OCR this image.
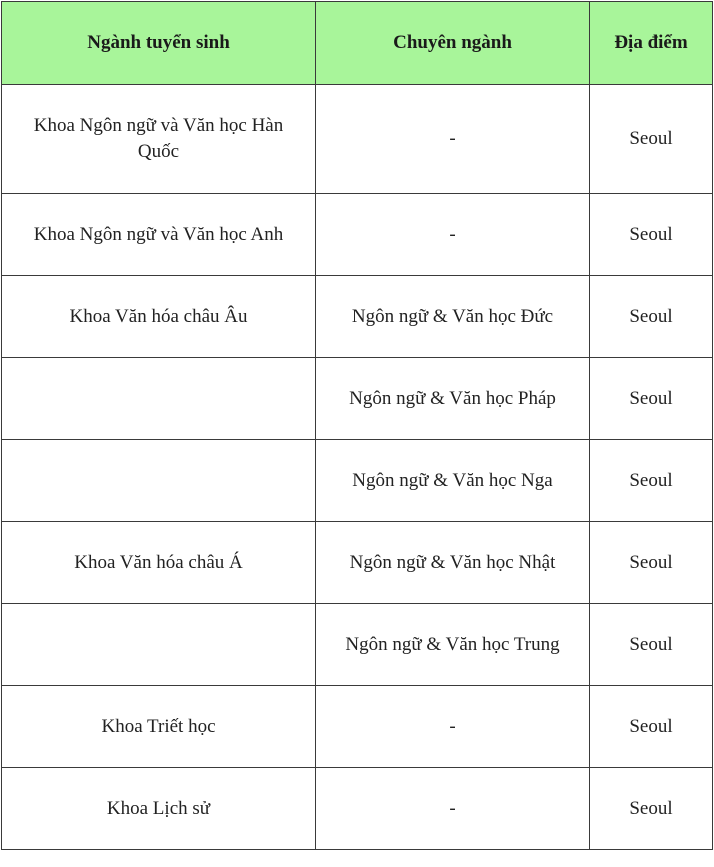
Ngành tuyển sinh	Chuyên ngành	Địa điểm
Khoa Ngôn ngữ và Văn học Hàn Quốc	-	Seoul
Khoa Ngôn ngữ và Văn học Anh	-	Seoul
Khoa Văn hóa châu Âu	Ngôn ngữ & Văn học Đức	Seoul
	Ngôn ngữ & Văn học Pháp	Seoul
	Ngôn ngữ & Văn học Nga	Seoul
Khoa Văn hóa châu Á	Ngôn ngữ & Văn học Nhật	Seoul
	Ngôn ngữ & Văn học Trung	Seoul
Khoa Triết học	-	Seoul
Khoa Lịch sử	-	Seoul
